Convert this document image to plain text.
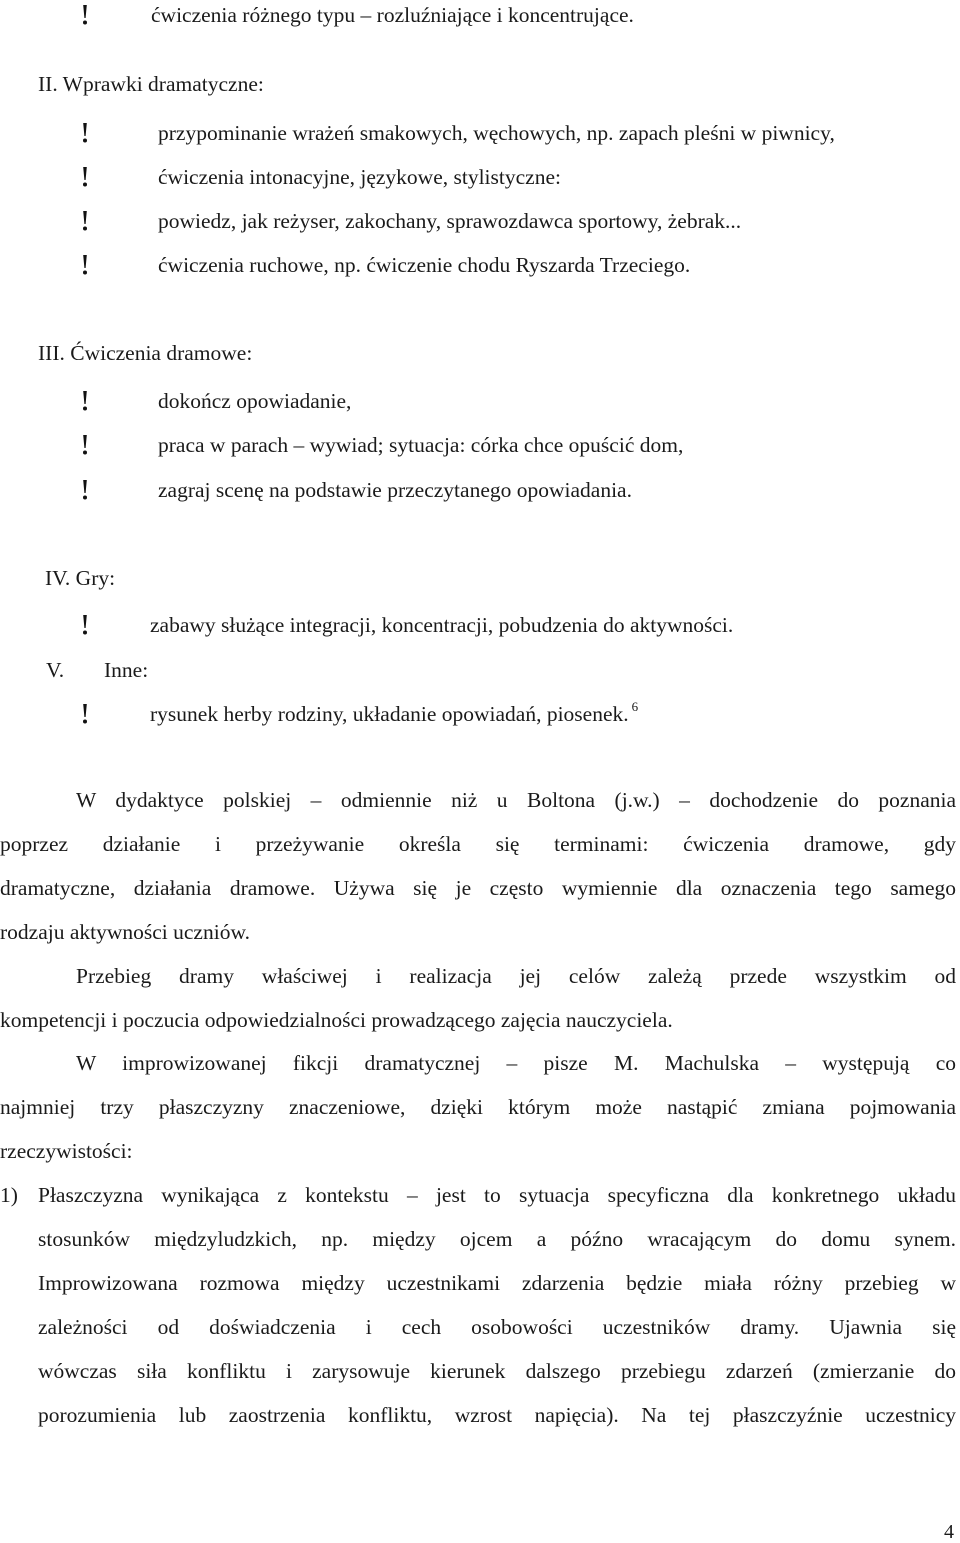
ćwiczenia różnego typu – rozluźniające i koncentrujące.
II. Wprawki dramatyczne:
przypominanie wrażeń smakowych, węchowych, np. zapach pleśni w piwnicy,
ćwiczenia intonacyjne, językowe, stylistyczne:
powiedz, jak reżyser, zakochany, sprawozdawca sportowy, żebrak...
ćwiczenia ruchowe, np. ćwiczenie chodu Ryszarda Trzeciego.
III. Ćwiczenia dramowe:
dokończ opowiadanie,
praca w parach – wywiad; sytuacja: córka chce opuścić dom,
zagraj scenę na podstawie przeczytanego opowiadania.
IV. Gry:
zabawy służące integracji, koncentracji, pobudzenia do aktywności.
V. Inne:
rysunek herby rodziny, układanie opowiadań, piosenek. $^6$
W dydaktyce polskiej – odmiennie niż u Boltona (j.w.) – dochodzenie do poznania
poprzez działanie i przeżywanie określa się terminami: ćwiczenia dramowe, gdy
dramatyczne, działania dramowe. Używa się je często wymiennie dla oznaczenia tego samego
rodzaju aktywności uczniów.
Przebieg dramy właściwej i realizacja jej celów zależą przede wszystkim od
kompetencji i poczucia odpowiedzialności prowadzącego zajęcia nauczyciela.
W improwizowanej fikcji dramatycznej – pisze M. Machulska – występują co
najmniej trzy płaszczyzny znaczeniowe, dzięki którym może nastąpić zmiana pojmowania
rzeczywistości:
1) Płaszczyzna wynikająca z kontekstu – jest to sytuacja specyficzna dla konkretnego układu
stosunków międzyludzkich, np. między ojcem a późno wracającym do domu synem.
Improwizowana rozmowa między uczestnikami zdarzenia będzie miała różny przebieg w
zależności od doświadczenia i cech osobowości uczestników dramy. Ujawnia się
wówczas siła konfliktu i zarysowuje kierunek dalszego przebiegu zdarzeń (zmierzanie do
porozumienia lub zaostrzenia konfliktu, wzrost napięcia). Na tej płaszczyźnie uczestnicy
4
